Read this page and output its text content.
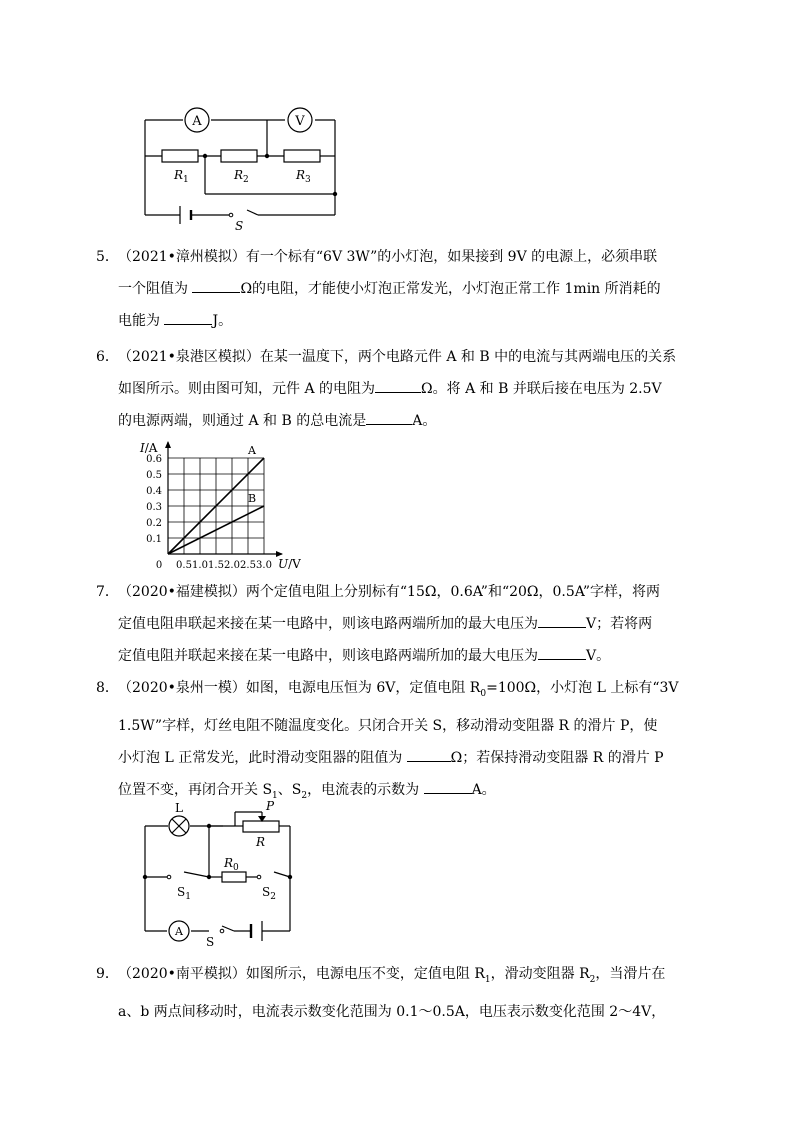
A	V
$R_1$	$R_2$	$R_3$
S

5． （2021•漳州模拟）有一个标有“6V 3W”的小灯泡，如果接到 9V 的电源上，必须串联

一个阻值为	Ω的电阻，才能使小灯泡正常发光，小灯泡正常工作 1min 所消耗的

电能为	J。

6． （2021•泉港区模拟）在某一温度下，两个电路元件 A 和 B 中的电流与其两端电压的关系

如图所示。则由图可知，元件 A 的电阻为	Ω。将 A 和 B 并联后接在电压为 2.5V

的电源两端，则通过 A 和 B 的总电流是	A。

A
B
0.1
0.2
0.3
0.4
0.5
0.6
0.5 1.0 1.5 2.0 2.5 3.0
0
I/A
U/V

7． （2020•福建模拟）两个定值电阻上分别标有“15Ω，0.6A”和“20Ω，0.5A”字样，将两

定值电阻串联起来接在某一电路中，则该电路两端所加的最大电压为	V；若将两

定值电阻并联起来接在某一电路中，则该电路两端所加的最大电压为	V。

8． （2020•泉州一模）如图，电源电压恒为 6V，定值电阻 $R_0=100\Omega$，小灯泡 L 上标有“3V

1.5W”字样，灯丝电阻不随温度变化。只闭合开关 S，移动滑动变阻器 R 的滑片 P，使

小灯泡 L 正常发光，此时滑动变阻器的阻值为	Ω；若保持滑动变阻器 R 的滑片 P

位置不变，再闭合开关 $S_1$、$S_2$，电流表的示数为	A。

L	P
R
$R_0$
$S_1$	$S_2$
A
S

9． （2020•南平模拟）如图所示，电源电压不变，定值电阻 $R_1$，滑动变阻器 $R_2$，当滑片在

a、b 两点间移动时，电流表示数变化范围为 0.1～0.5A，电压表示数变化范围 2～4V，
